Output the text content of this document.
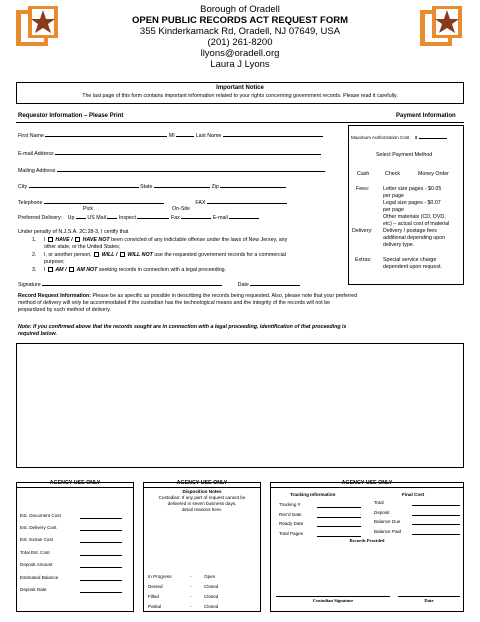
Borough of Oradell
OPEN PUBLIC RECORDS ACT REQUEST FORM
355 Kinderkamack Rd, Oradell, NJ 07649, USA
(201) 261-8200
llyons@oradell.org
Laura J Lyons
Important Notice
The last page of this form contains important information related to your rights concerning government records. Please read it carefully.
Requestor Information – Please Print	Payment Information
First Name	MI	Last Name
E-mail Address
Mailing Address
City	State	Zip
Telephone	FAX
Pick	On-Site
Preferred Delivery: Up US Mail Inspect	Fax	E-mail
Under penalty of N.J.S.A. 2C:28-3, I certify that
1. I HAVE / HAVE NOT been convicted of any indictable offense under the laws of New Jersey, any
other state, or the United States;
2. I, or another person, WILL / WILL NOT use the requested government records for a commercial
purpose;
3. I AM / AM NOT seeking records in connection with a legal proceeding.
Signature	Date
Maximum Authorization Cost $
Select Payment Method
Cash	Check	Money Order
Fees:	Letter size pages - $0.05
per page
Legal size pages - $0.07
per page
Other materials (CD, DVD,
etc) – actual cost of material
Delivery: Delivery / postage fees
additional depending upon
delivery type.
Extras: Special service charge
dependent upon request.
Record Request Information: Please be as specific as possible in describing the records being requested. Also, please note that your preferred
method of delivery will only be accommodated if the custodian has the technological means and the integrity of the records will not be
jeopardized by such method of delivery.
Note: If you confirmed above that the records sought are in connection with a legal proceeding, identification of that proceeding is
required below.
AGENCY USE ONLY
Est. Document Cost
Est. Delivery Cost
Est. Extras Cost
Total Est. Cost
Deposit Amount
Estimated Balance
Deposit Date
AGENCY USE ONLY
Disposition Notes
Custodian: If any part of request cannot be
delivered in seven business days,
detail reasons here.
In Progress	-	Open
Denied	-	Closed
Filled	-	Closed
Partial	-	Closed
AGENCY USE ONLY
Tracking Information	Final Cost
Tracking #
Rec'd Date
Ready Date
Total Pages
Total
Deposit
Balance Due
Balance Paid
Records Provided
Custodian Signature	Date
